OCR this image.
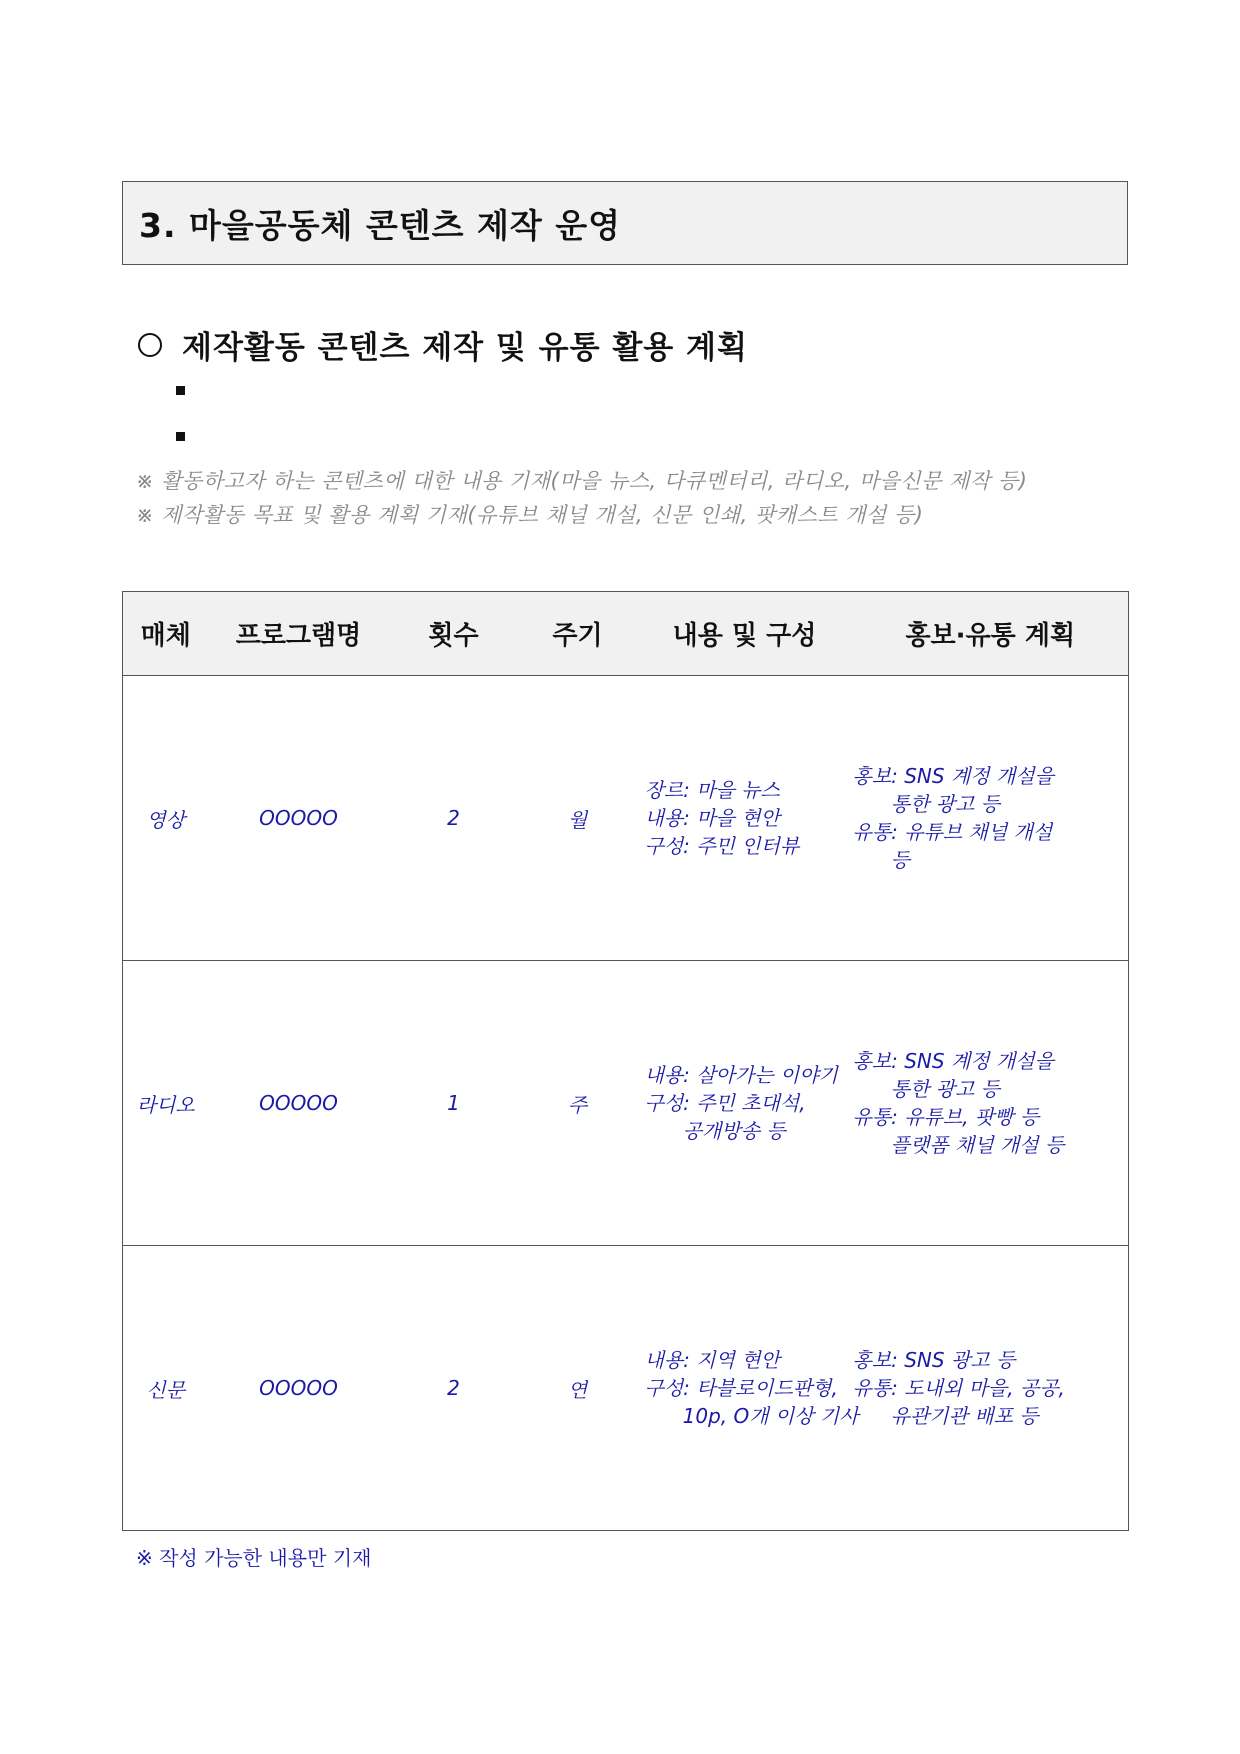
3. 마을공동체 콘텐츠 제작 운영
제작활동 콘텐츠 제작 및 유통 활용 계획
※ 활동하고자 하는 콘텐츠에 대한 내용 기재(마을 뉴스, 다큐멘터리, 라디오, 마을신문 제작 등)
※ 제작활동 목표 및 활용 계획 기재(유튜브 채널 개설, 신문 인쇄, 팟캐스트 개설 등)
매체	프로그램명	횟수	주기	내용 및 구성	홍보·유통 계획
영상	OOOOO	2	월	장르: 마을 뉴스
내용: 마을 현안
구성: 주민 인터뷰	홍보: SNS 계정 개설을
통한 광고 등
유통: 유튜브 채널 개설
등
라디오	OOOOO	1	주	내용: 살아가는 이야기
구성: 주민 초대석,
공개방송 등	홍보: SNS 계정 개설을
통한 광고 등
유통: 유튜브, 팟빵 등
플랫폼 채널 개설 등
신문	OOOOO	2	연	내용: 지역 현안
구성: 타블로이드판형,
10p, O개 이상 기사	홍보: SNS 광고 등
유통: 도내외 마을, 공공,
유관기관 배포 등
※ 작성 가능한 내용만 기재
